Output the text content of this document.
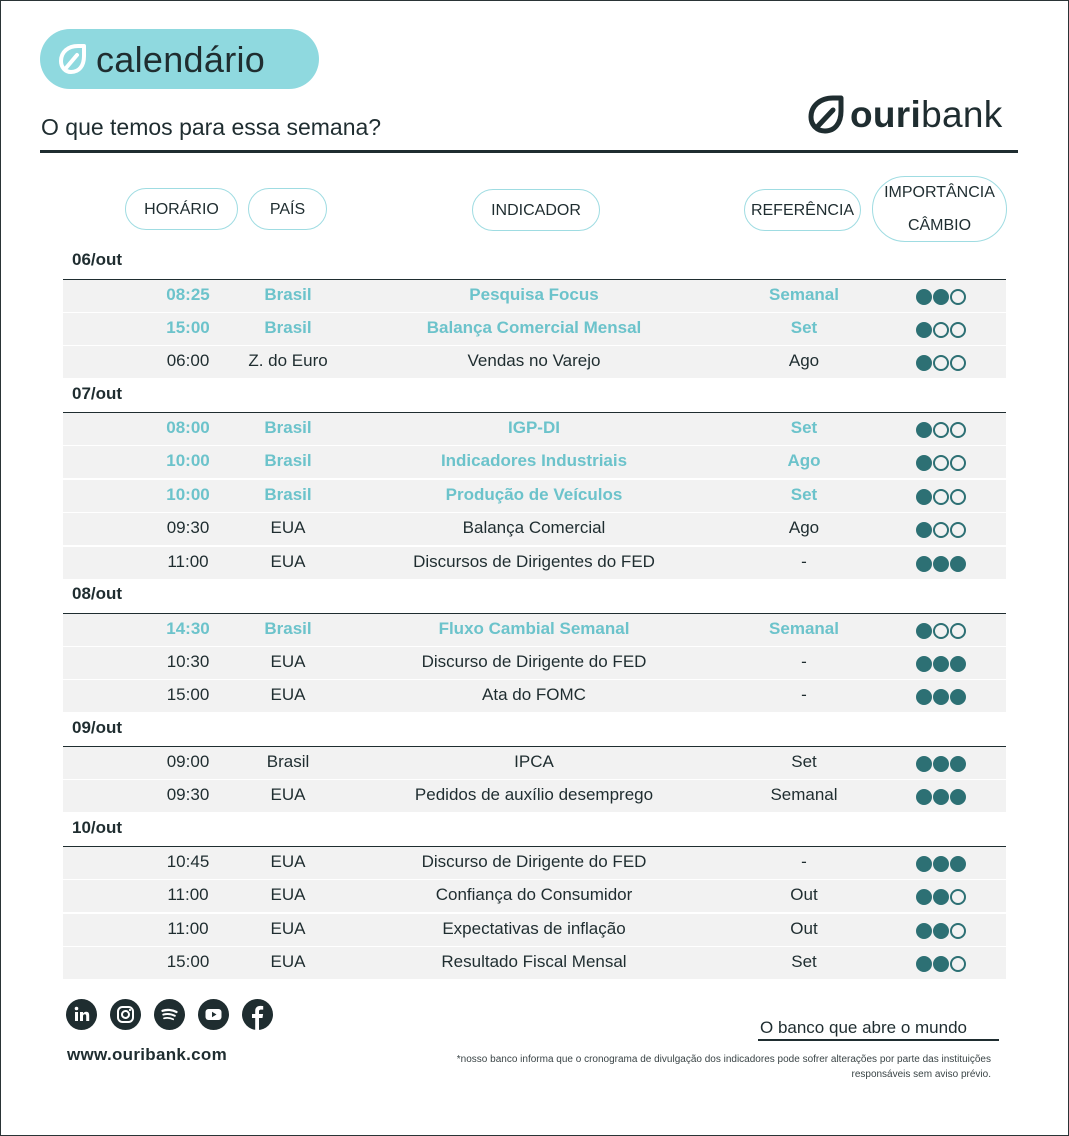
calendário
O que temos para essa semana?	ouribank
HORÁRIO	PAÍS	INDICADOR	REFERÊNCIA
IMPORTÂNCIA
CÂMBIO
06/out
08:25	Brasil	Pesquisa Focus	Semanal
15:00	Brasil	Balança Comercial Mensal	Set
06:00 Z. do Euro	Vendas no Varejo	Ago
07/out
08:00	Brasil	IGP-DI	Set
10:00	Brasil	Indicadores Industriais	Ago
10:00	Brasil	Produção de Veículos	Set
09:30	EUA	Balança Comercial	Ago
11:00	EUA	Discursos de Dirigentes do FED	-
08/out
14:30	Brasil	Fluxo Cambial Semanal	Semanal
10:30	EUA	Discurso de Dirigente do FED	-
15:00	EUA	Ata do FOMC	-
09/out
09:00	Brasil	IPCA	Set
09:30	EUA	Pedidos de auxílio desemprego	Semanal
10/out
10:45	EUA	Discurso de Dirigente do FED	-
11:00	EUA	Confiança do Consumidor	Out
11:00	EUA	Expectativas de inflação	Out
15:00	EUA	Resultado Fiscal Mensal	Set
www.ouribank.com
O banco que abre o mundo
*nosso banco informa que o cronograma de divulgação dos indicadores pode sofrer alterações por parte das instituições
responsáveis sem aviso prévio.
